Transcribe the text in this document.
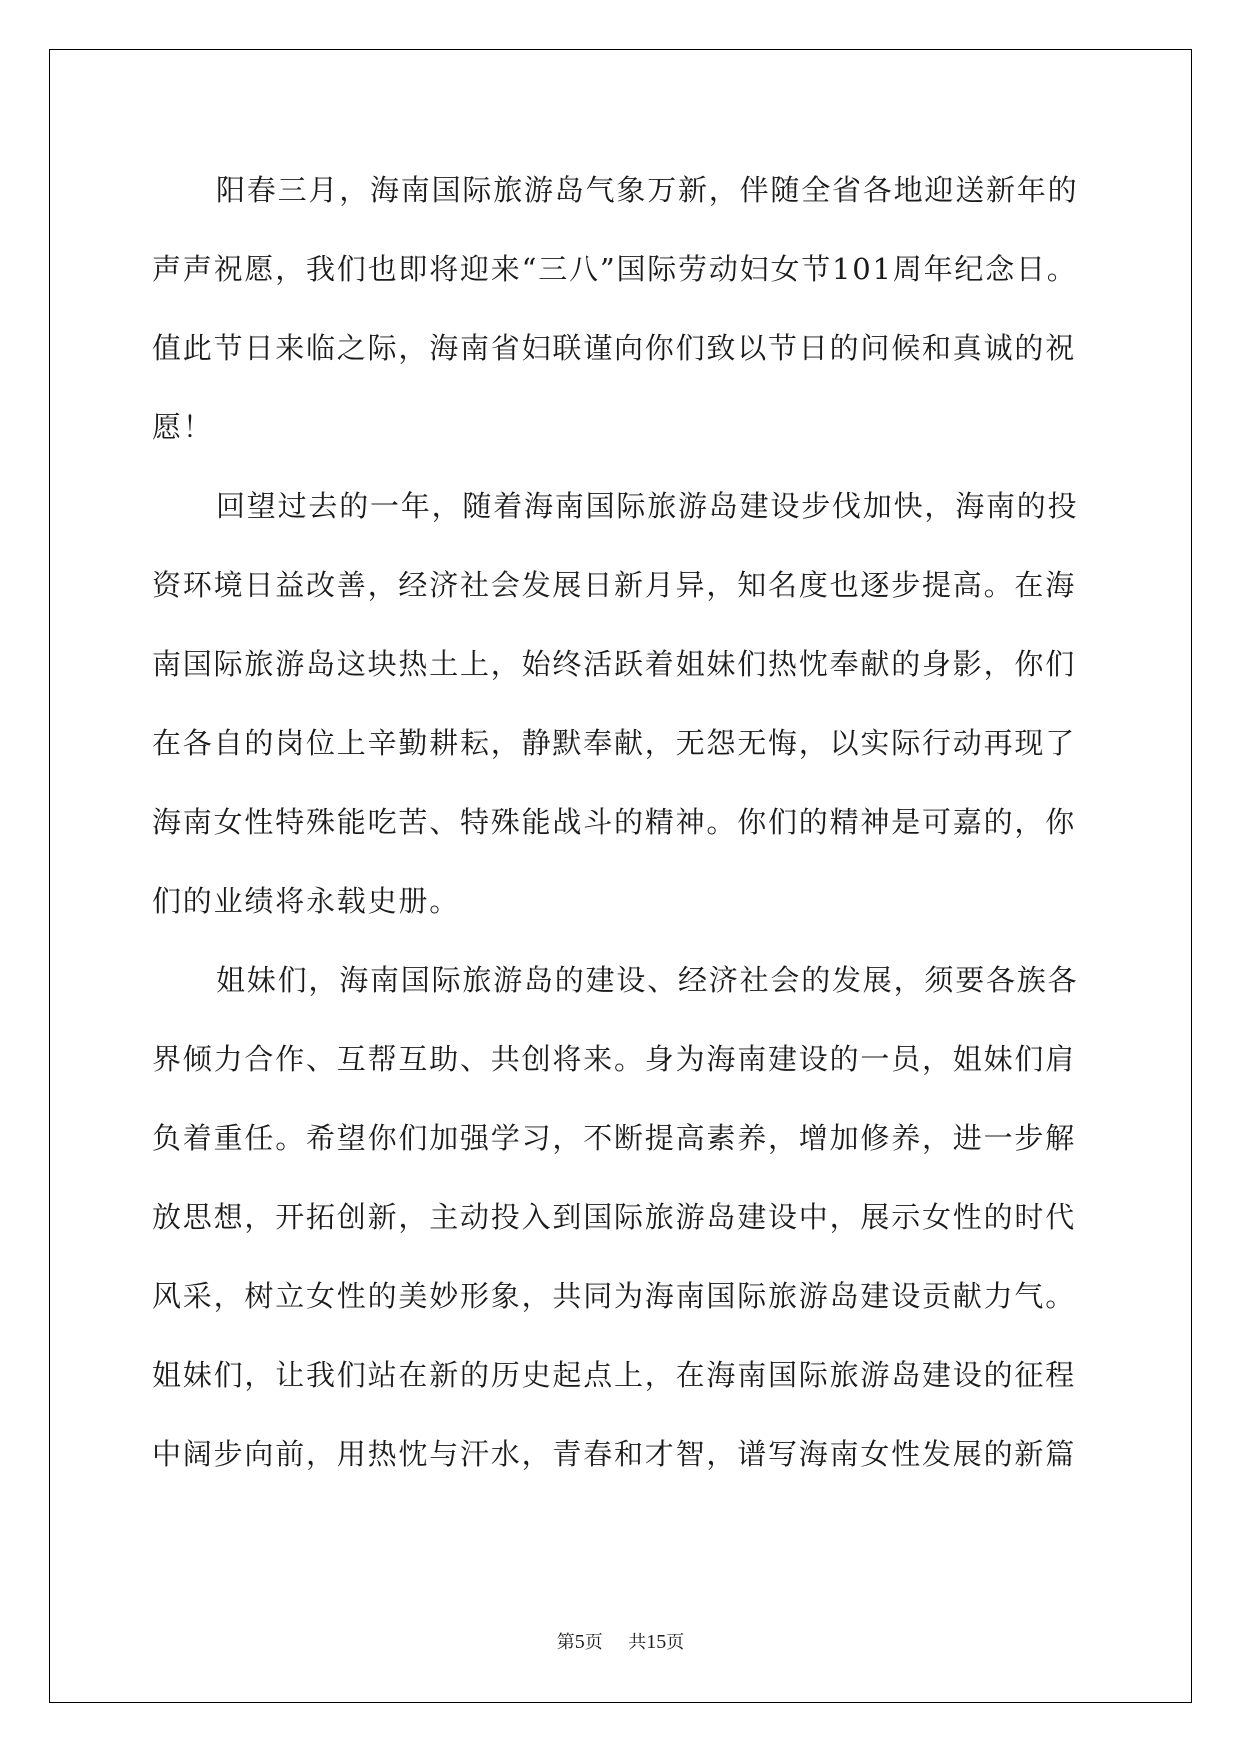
阳春三月，海南国际旅游岛气象万新，伴随全省各地迎送新年的
声声祝愿，我们也即将迎来“三八”国际劳动妇女节101周年纪念日。
值此节日来临之际，海南省妇联谨向你们致以节日的问候和真诚的祝
愿！
回望过去的一年，随着海南国际旅游岛建设步伐加快，海南的投
资环境日益改善，经济社会发展日新月异，知名度也逐步提高。在海
南国际旅游岛这块热土上，始终活跃着姐妹们热忱奉献的身影，你们
在各自的岗位上辛勤耕耘，静默奉献，无怨无悔，以实际行动再现了
海南女性特殊能吃苦、特殊能战斗的精神。你们的精神是可嘉的，你
们的业绩将永载史册。
姐妹们，海南国际旅游岛的建设、经济社会的发展，须要各族各
界倾力合作、互帮互助、共创将来。身为海南建设的一员，姐妹们肩
负着重任。希望你们加强学习，不断提高素养，增加修养，进一步解
放思想，开拓创新，主动投入到国际旅游岛建设中，展示女性的时代
风采，树立女性的美妙形象，共同为海南国际旅游岛建设贡献力气。
姐妹们，让我们站在新的历史起点上，在海南国际旅游岛建设的征程
中阔步向前，用热忱与汗水，青春和才智，谱写海南女性发展的新篇
第5页 共15页
